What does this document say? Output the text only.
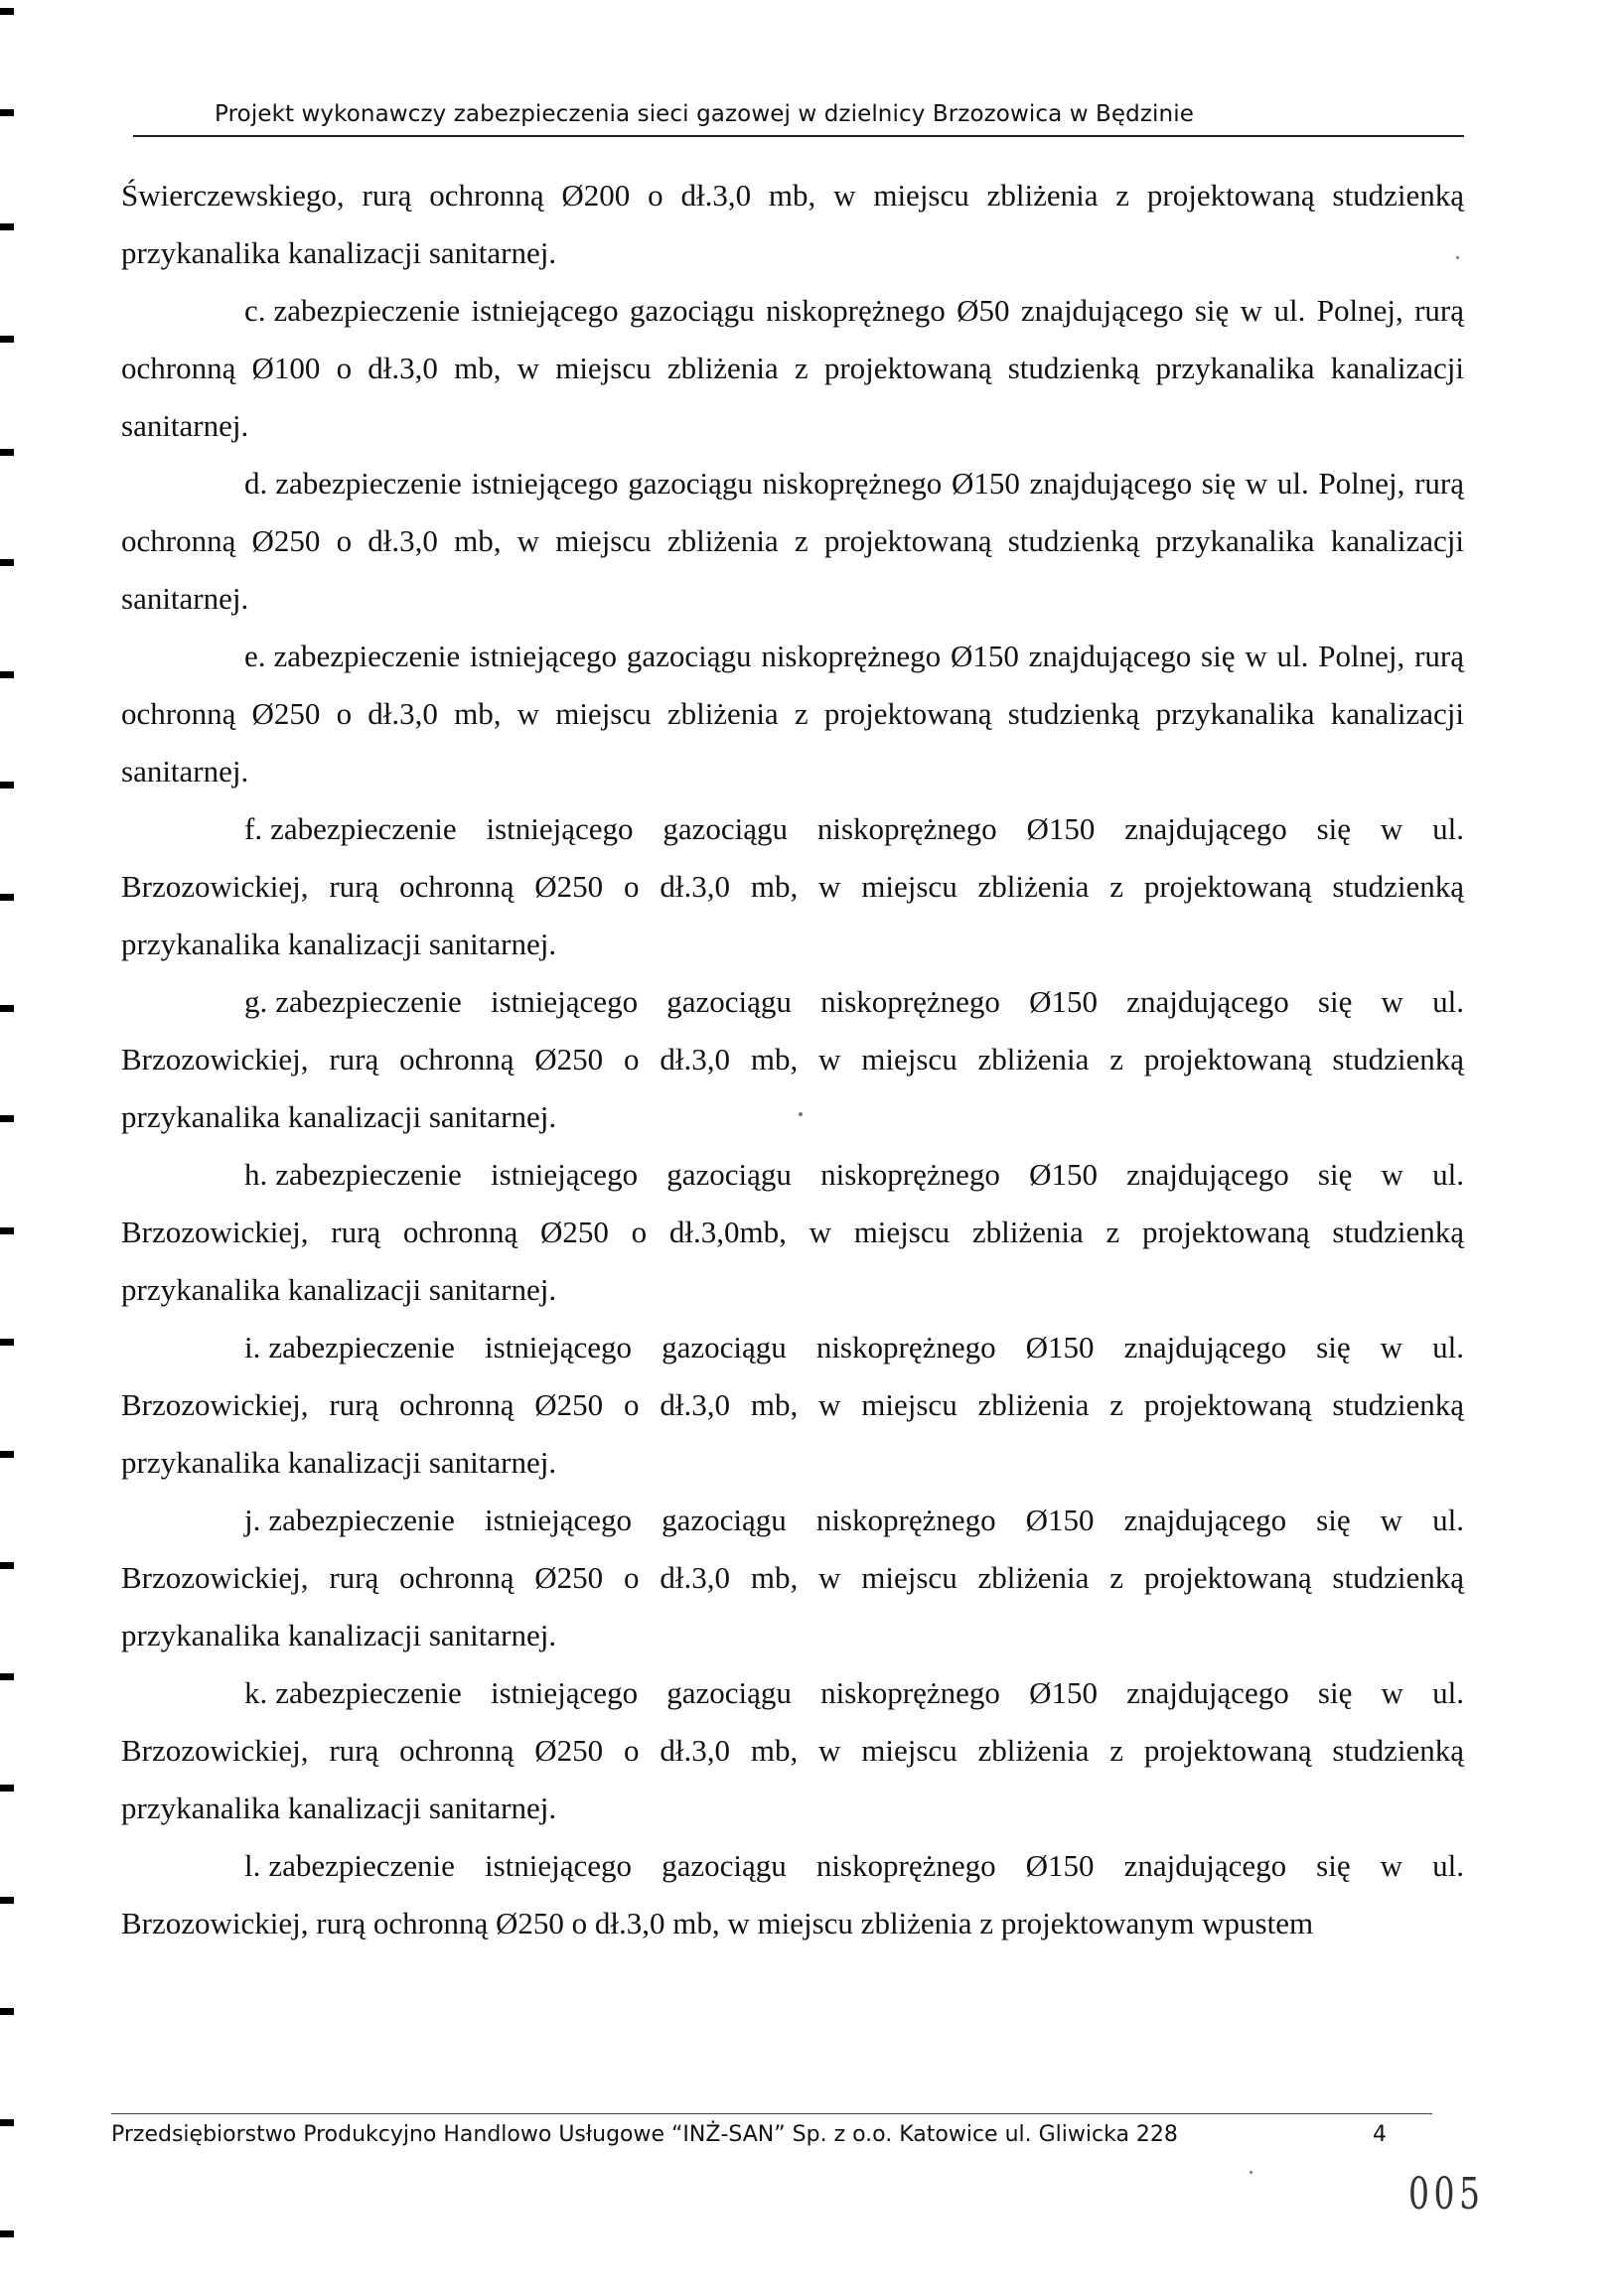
Projekt wykonawczy zabezpieczenia sieci gazowej w dzielnicy Brzozowica w Będzinie

Świerczewskiego, rurą ochronną Ø200 o dł.3,0 mb, w miejscu zbliżenia z projektowaną studzienką przykanalika kanalizacji sanitarnej.

c. zabezpieczenie istniejącego gazociągu niskoprężnego Ø50 znajdującego się w ul. Polnej, rurą ochronną Ø100 o dł.3,0 mb, w miejscu zbliżenia z projektowaną studzienką przykanalika kanalizacji sanitarnej.

d. zabezpieczenie istniejącego gazociągu niskoprężnego Ø150 znajdującego się w ul. Polnej, rurą ochronną Ø250 o dł.3,0 mb, w miejscu zbliżenia z projektowaną studzienką przykanalika kanalizacji sanitarnej.

e. zabezpieczenie istniejącego gazociągu niskoprężnego Ø150 znajdującego się w ul. Polnej, rurą ochronną Ø250 o dł.3,0 mb, w miejscu zbliżenia z projektowaną studzienką przykanalika kanalizacji sanitarnej.

f. zabezpieczenie istniejącego gazociągu niskoprężnego Ø150 znajdującego się w ul. Brzozowickiej, rurą ochronną Ø250 o dł.3,0 mb, w miejscu zbliżenia z projektowaną studzienką przykanalika kanalizacji sanitarnej.

g. zabezpieczenie istniejącego gazociągu niskoprężnego Ø150 znajdującego się w ul. Brzozowickiej, rurą ochronną Ø250 o dł.3,0 mb, w miejscu zbliżenia z projektowaną studzienką przykanalika kanalizacji sanitarnej.

h. zabezpieczenie istniejącego gazociągu niskoprężnego Ø150 znajdującego się w ul. Brzozowickiej, rurą ochronną Ø250 o dł.3,0mb, w miejscu zbliżenia z projektowaną studzienką przykanalika kanalizacji sanitarnej.

i. zabezpieczenie istniejącego gazociągu niskoprężnego Ø150 znajdującego się w ul. Brzozowickiej, rurą ochronną Ø250 o dł.3,0 mb, w miejscu zbliżenia z projektowaną studzienką przykanalika kanalizacji sanitarnej.

j. zabezpieczenie istniejącego gazociągu niskoprężnego Ø150 znajdującego się w ul. Brzozowickiej, rurą ochronną Ø250 o dł.3,0 mb, w miejscu zbliżenia z projektowaną studzienką przykanalika kanalizacji sanitarnej.

k. zabezpieczenie istniejącego gazociągu niskoprężnego Ø150 znajdującego się w ul. Brzozowickiej, rurą ochronną Ø250 o dł.3,0 mb, w miejscu zbliżenia z projektowaną studzienką przykanalika kanalizacji sanitarnej.

l. zabezpieczenie istniejącego gazociągu niskoprężnego Ø150 znajdującego się w ul. Brzozowickiej, rurą ochronną Ø250 o dł.3,0 mb, w miejscu zbliżenia z projektowanym wpustem

Przedsiębiorstwo Produkcyjno Handlowo Usługowe “INŻ-SAN” Sp. z o.o. Katowice ul. Gliwicka 228	4
005
